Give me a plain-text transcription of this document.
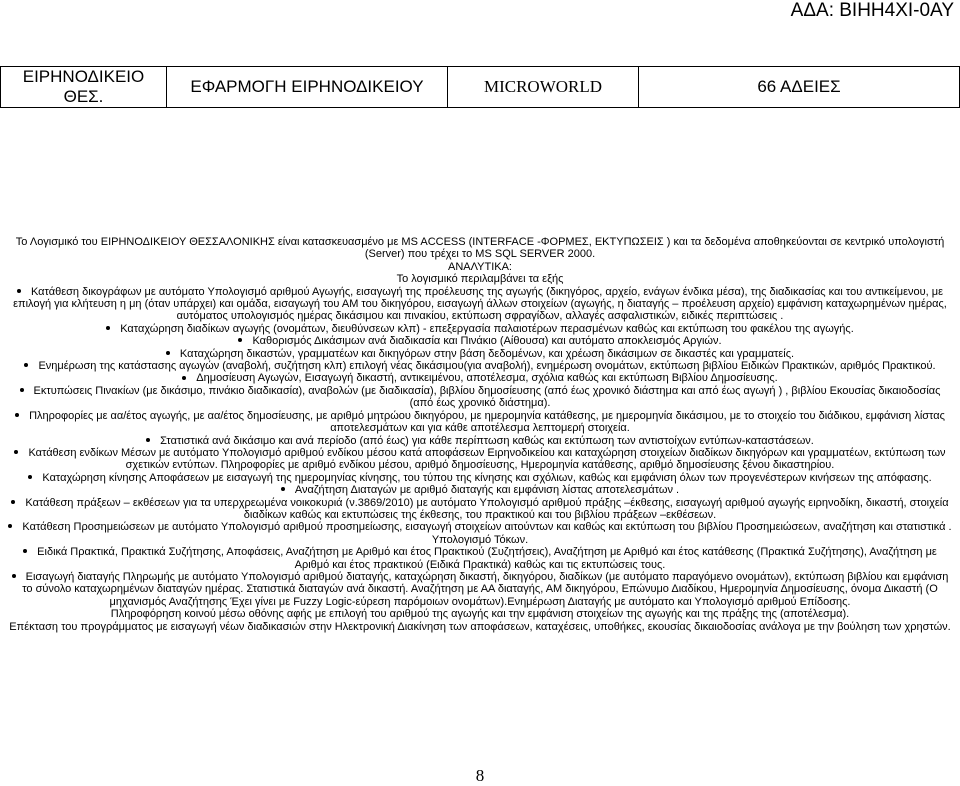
ΑΔΑ: ΒΙΗΗ4ΧΙ-0ΑΥ
ΕΙΡΗΝΟΔΙΚΕΙΟ ΘΕΣ.	ΕΦΑΡΜΟΓΗ ΕΙΡΗΝΟΔΙΚΕΙΟΥ	MICROWORLD	66 ΑΔΕΙΕΣ

Το Λογισμικό του ΕΙΡΗΝΟΔΙΚΕΙΟΥ ΘΕΣΣΑΛΟΝΙΚΗΣ είναι κατασκευασμένο με MS ACCESS (INTERFACE -ΦΟΡΜΕΣ, ΕΚΤΥΠΩΣΕΙΣ ) και τα δεδομένα αποθηκεύονται σε κεντρικό υπολογιστή (Server) που τρέχει το MS SQL SERVER 2000.

ΑΝΑΛΥΤΙΚΑ:

Το λογισμικό περιλαμβάνει τα εξής

Κατάθεση δικογράφων με αυτόματο Υπολογισμό αριθμού Αγωγής, εισαγωγή της προέλευσης της αγωγής (δικηγόρος, αρχείο, ενάγων ένδικα μέσα), της διαδικασίας και του αντικείμενου, με επιλογή για κλήτευση η μη (όταν υπάρχει) και ομάδα, εισαγωγή του ΑΜ του δικηγόρου, εισαγωγή άλλων στοιχείων (αγωγής, η διαταγής – προέλευση αρχείο) εμφάνιση καταχωρημένων ημέρας, αυτόματος υπολογισμός ημέρας δικάσιμου και πινακίου, εκτύπωση σφραγίδων, αλλαγές ασφαλιστικών, ειδικές περιπτώσεις .

Καταχώρηση διαδίκων αγωγής (ονομάτων, διευθύνσεων κλπ) - επεξεργασία παλαιοτέρων περασμένων καθώς και εκτύπωση του φακέλου της αγωγής.

Καθορισμός Δικάσιμων ανά διαδικασία και Πινάκιο (Αίθουσα) και αυτόματο αποκλεισμός Αργιών.

Καταχώρηση δικαστών, γραμματέων και δικηγόρων στην βάση δεδομένων, και χρέωση δικάσιμων σε δικαστές και γραμματείς.

Ενημέρωση της κατάστασης αγωγών (αναβολή, συζήτηση κλπ) επιλογή νέας δικάσιμου(για αναβολή), ενημέρωση ονομάτων, εκτύπωση βιβλίου Ειδικών Πρακτικών, αριθμός Πρακτικού.

Δημοσίευση Αγωγών, Εισαγωγή δικαστή, αντικειμένου, αποτέλεσμα, σχόλια καθώς και εκτύπωση Βιβλίου Δημοσίευσης.

Εκτυπώσεις Πινακίων (με δικάσιμο, πινάκιο διαδικασία), αναβολών (με διαδικασία), βιβλίου δημοσίευσης (από έως χρονικό διάστημα και από έως αγωγή ) , βιβλίου Εκουσίας δικαιοδοσίας (από έως χρονικό διάστημα).

Πληροφορίες με αα/έτος αγωγής, με αα/έτος δημοσίευσης, με αριθμό μητρώου δικηγόρου, με ημερομηνία κατάθεσης, με ημερομηνία δικάσιμου, με το στοιχείο του διάδικου, εμφάνιση λίστας αποτελεσμάτων και για κάθε αποτέλεσμα λεπτομερή στοιχεία.

Στατιστικά ανά δικάσιμο και ανά περίοδο (από έως) για κάθε περίπτωση καθώς και εκτύπωση των αντιστοίχων εντύπων-καταστάσεων.

Κατάθεση ενδίκων Μέσων με αυτόματο Υπολογισμό αριθμού ενδίκου μέσου κατά αποφάσεων Ειρηνοδικείου και καταχώρηση στοιχείων διαδίκων δικηγόρων και γραμματέων, εκτύπωση των σχετικών εντύπων. Πληροφορίες με αριθμό ενδίκου μέσου, αριθμό δημοσίευσης, Ημερομηνία κατάθεσης, αριθμό δημοσίευσης ξένου δικαστηρίου.

Καταχώρηση κίνησης Αποφάσεων με εισαγωγή της ημερομηνίας κίνησης, του τύπου της κίνησης και σχόλιων, καθώς και εμφάνιση όλων των προγενέστερων κινήσεων της απόφασης.

Αναζήτηση Διαταγών με αριθμό διαταγής και εμφάνιση λίστας αποτελεσμάτων .

Κατάθεση πράξεων – εκθέσεων για τα υπερχρεωμένα νοικοκυριά (ν.3869/2010) με αυτόματο Υπολογισμό αριθμού πράξης –έκθεσης, εισαγωγή αριθμού αγωγής ειρηνοδίκη, δικαστή, στοιχεία διαδίκων καθώς και εκτυπώσεις της έκθεσης, του πρακτικού και του βιβλίου πράξεων –εκθέσεων.

Κατάθεση Προσημειώσεων με αυτόματο Υπολογισμό αριθμού προσημείωσης, εισαγωγή στοιχείων αιτούντων και καθώς και εκτύπωση του βιβλίου Προσημειώσεων, αναζήτηση και στατιστικά .

Υπολογισμό Τόκων.

Ειδικά Πρακτικά, Πρακτικά Συζήτησης, Αποφάσεις, Αναζήτηση με Αριθμό και έτος Πρακτικού (Συζητήσεις), Αναζήτηση με Αριθμό και έτος κατάθεσης (Πρακτικά Συζήτησης), Αναζήτηση με Αριθμό και έτος πρακτικού (Ειδικά Πρακτικά) καθώς και τις εκτυπώσεις τους.

Εισαγωγή διαταγής Πληρωμής με αυτόματο Υπολογισμό αριθμού διαταγής, καταχώρηση δικαστή, δικηγόρου, διαδίκων (με αυτόματο παραγόμενο ονομάτων), εκτύπωση βιβλίου και εμφάνιση το σύνολο καταχωρημένων διαταγών ημέρας. Στατιστικά διαταγών ανά δικαστή. Αναζήτηση με ΑΑ διαταγής, ΑΜ δικηγόρου, Επώνυμο Διαδίκου, Ημερομηνία Δημοσίευσης, όνομα Δικαστή (Ο μηχανισμός Αναζήτησης Έχει γίνει με Fuzzy Logic-εύρεση παρόμοιων ονομάτων).Ενημέρωση Διαταγής με αυτόματο και Υπολογισμό αριθμού Επίδοσης.

Πληροφόρηση κοινού μέσω οθόνης αφής με επιλογή του αριθμού της αγωγής και την εμφάνιση στοιχείων της αγωγής και της πράξης της (αποτέλεσμα).

Επέκταση του προγράμματος με εισαγωγή νέων διαδικασιών στην Ηλεκτρονική Διακίνηση των αποφάσεων, καταχέσεις, υποθήκες, εκουσίας δικαιοδοσίας ανάλογα με την βούληση των χρηστών.

8
